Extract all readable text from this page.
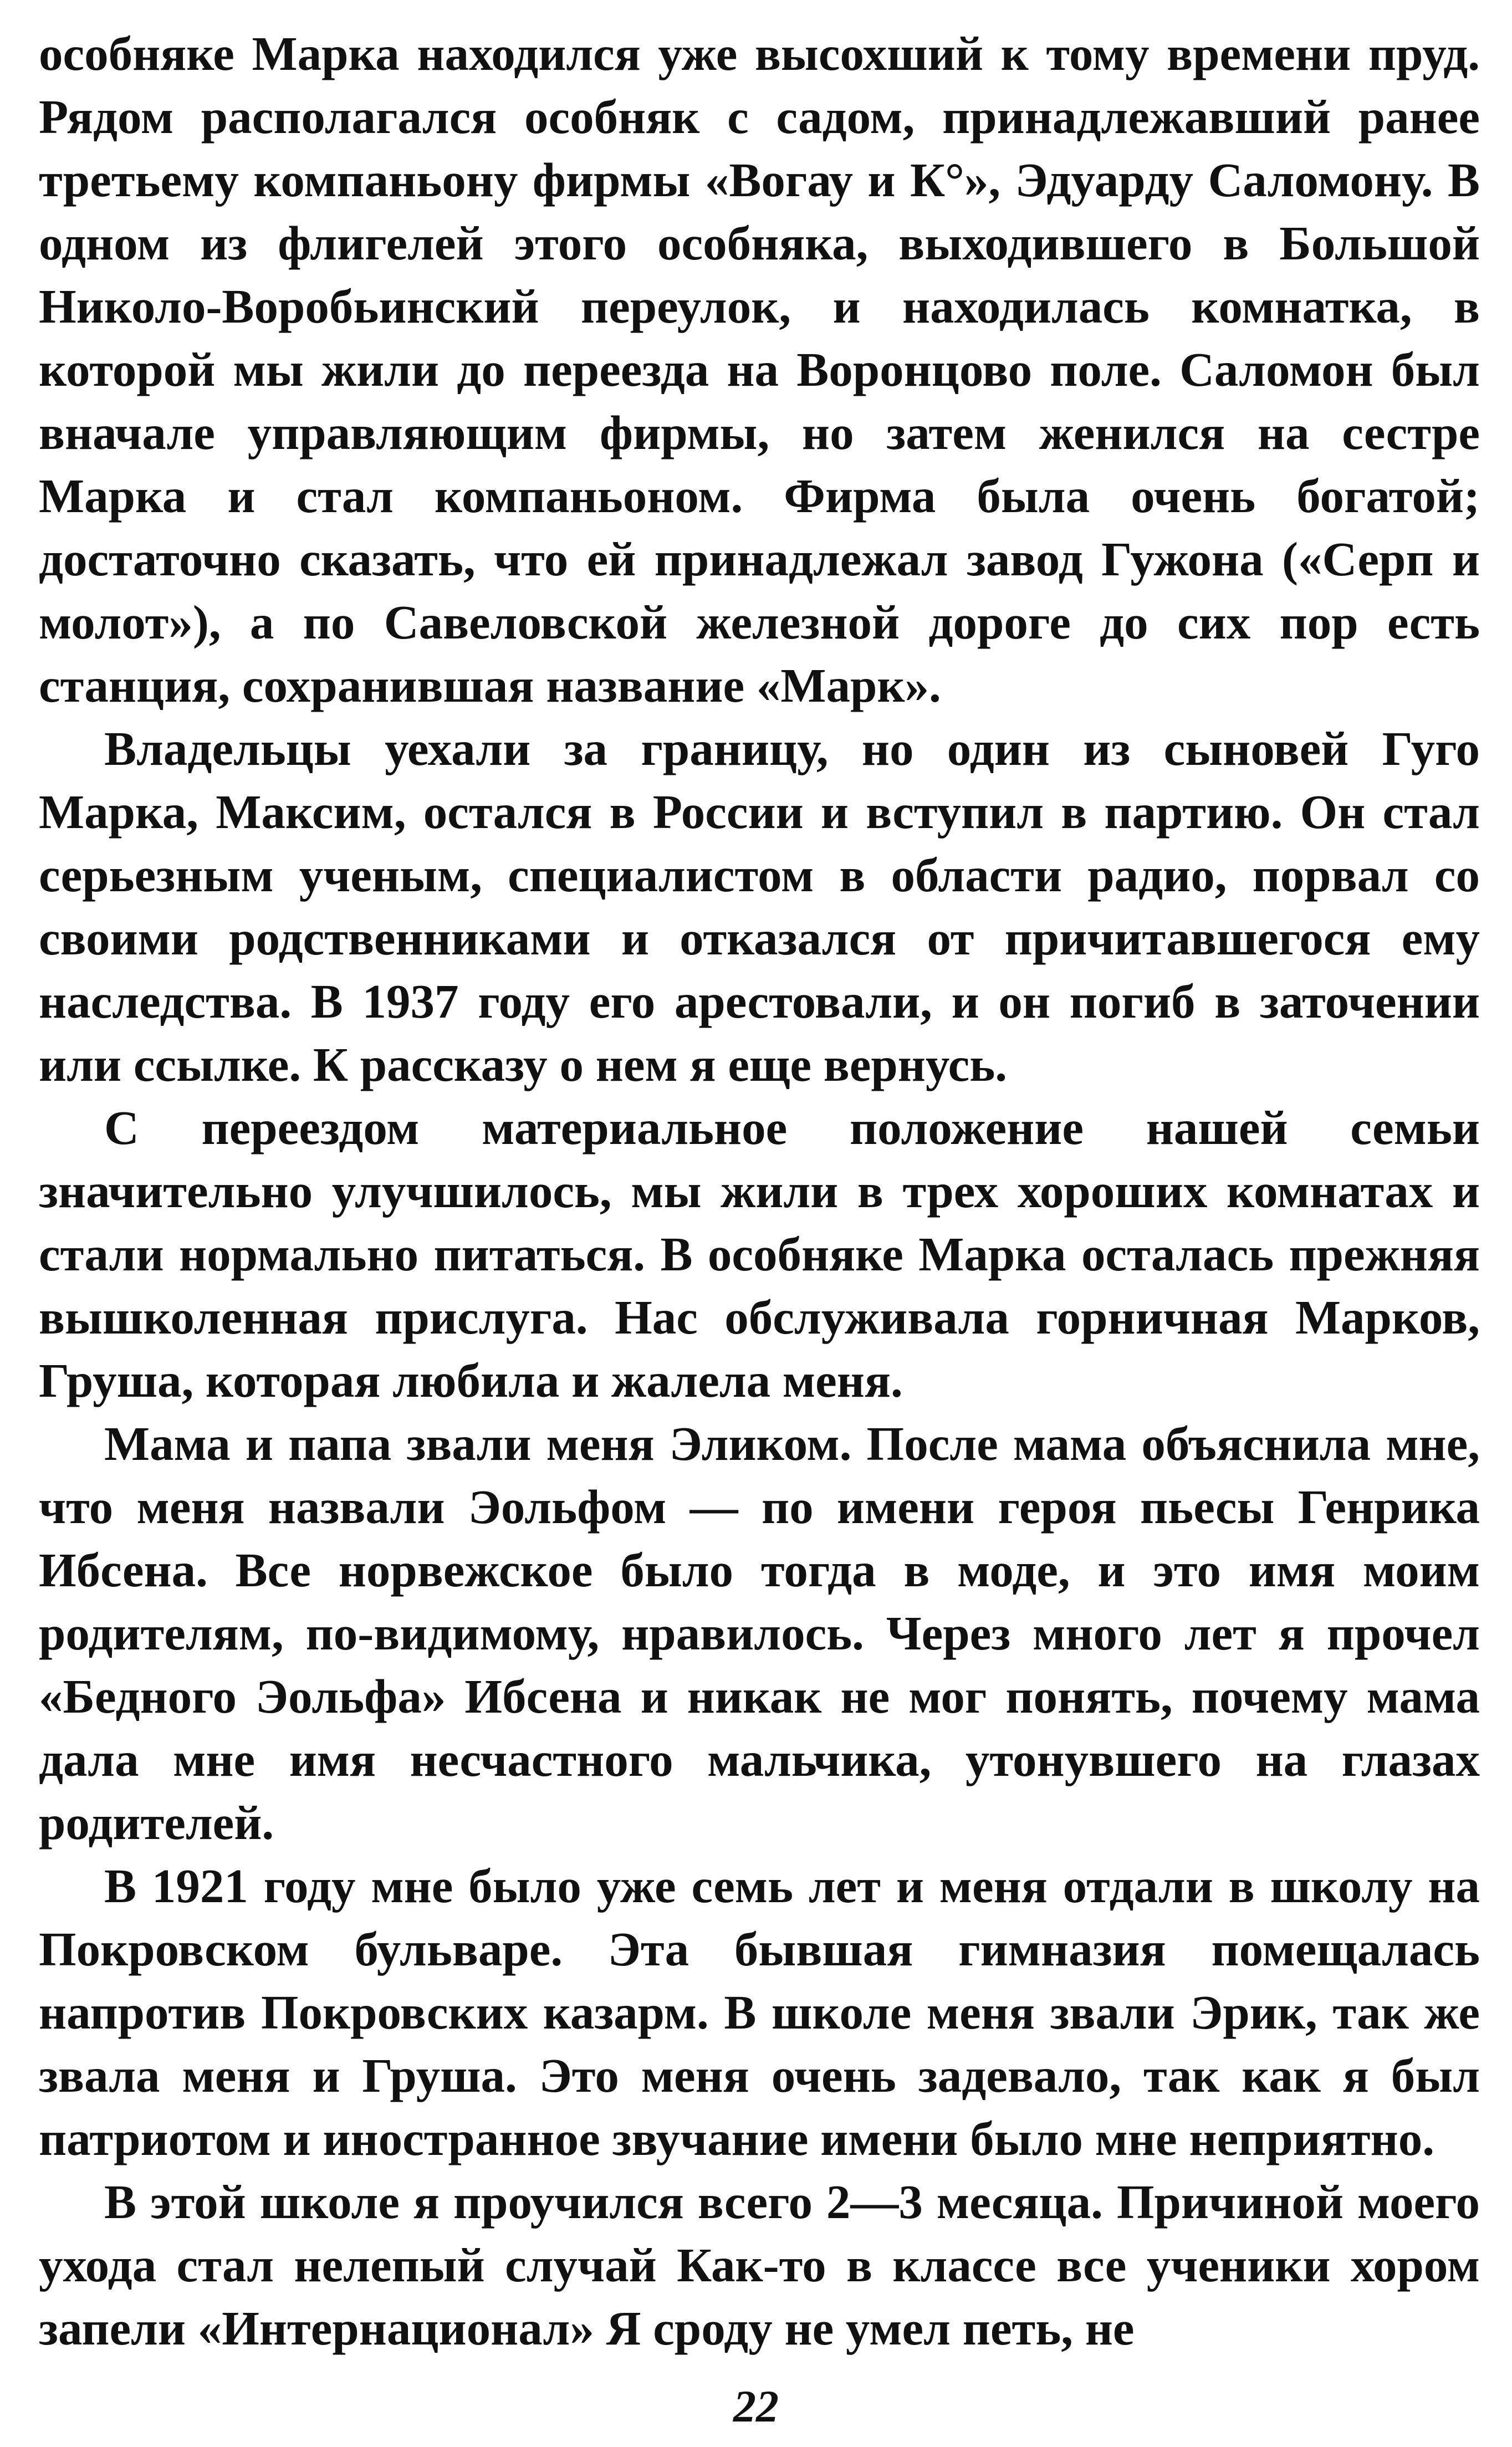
особняке Марка находился уже высохший к тому времени пруд. Рядом располагался особняк с садом, принадлежавший ранее третьему компаньону фирмы «Вогау и К°», Эдуарду Саломону. В одном из флигелей этого особняка, выходившего в Большой Николо-Воробьинский переулок, и находилась комнатка, в которой мы жили до переезда на Воронцово поле. Саломон был вначале управляющим фирмы, но затем женился на сестре Марка и стал компаньоном. Фирма была очень богатой; достаточно сказать, что ей принадлежал завод Гужона («Серп и молот»), а по Савеловской железной дороге до сих пор есть станция, сохранившая название «Марк».

Владельцы уехали за границу, но один из сыновей Гуго Марка, Максим, остался в России и вступил в партию. Он стал серьезным ученым, специалистом в области радио, порвал со своими родственниками и отказался от причитавшегося ему наследства. В 1937 году его арестовали, и он погиб в заточении или ссылке. К рассказу о нем я еще вернусь.

С переездом материальное положение нашей семьи значительно улучшилось, мы жили в трех хороших комнатах и стали нормально питаться. В особняке Марка осталась прежняя вышколенная прислуга. Нас обслуживала горничная Марков, Груша, которая любила и жалела меня.

Мама и папа звали меня Эликом. После мама объяснила мне, что меня назвали Эольфом — по имени героя пьесы Генрика Ибсена. Все норвежское было тогда в моде, и это имя моим родителям, по-видимому, нравилось. Через много лет я прочел «Бедного Эольфа» Ибсена и никак не мог понять, почему мама дала мне имя несчастного мальчика, утонувшего на глазах родителей.

В 1921 году мне было уже семь лет и меня отдали в школу на Покровском бульваре. Эта бывшая гимназия помещалась напротив Покровских казарм. В школе меня звали Эрик, так же звала меня и Груша. Это меня очень задевало, так как я был патриотом и иностранное звучание имени было мне неприятно.

В этой школе я проучился всего 2—3 месяца. Причиной моего ухода стал нелепый случай Как-то в классе все ученики хором запели «Интернационал» Я сроду не умел петь, не

22
